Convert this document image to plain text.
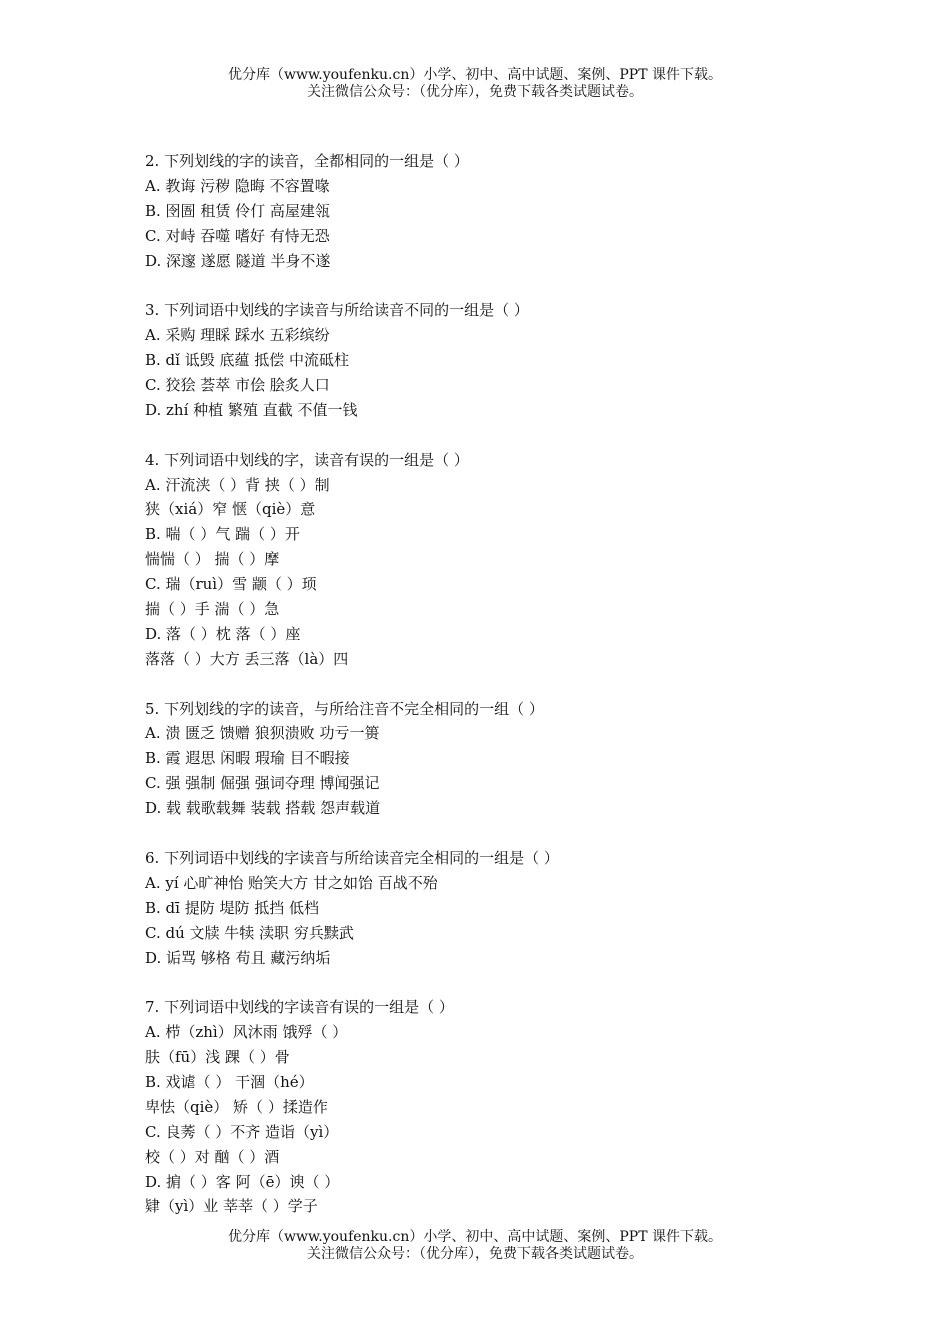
优分库（www.youfenku.cn）小学、初中、高中试题、案例、PPT 课件下载。
关注微信公众号：（优分库），免费下载各类试题试卷。
2. 下列划线的字的读音，全都相同的一组是（ ）
A. 教诲 污秽 隐晦 不容置喙
B. 囹圄 租赁 伶仃 高屋建瓴
C. 对峙 吞噬 嗜好 有恃无恐
D. 深邃 遂愿 隧道 半身不遂
3. 下列词语中划线的字读音与所给读音不同的一组是（ ）
A. 采购 理睬 踩水 五彩缤纷
B. dǐ 诋毁 底蕴 抵偿 中流砥柱
C. 狡狯 荟萃 市侩 脍炙人口
D. zhí 种植 繁殖 直截 不值一钱
4. 下列词语中划线的字，读音有误的一组是（ ）
A. 汗流浃（ ）背 挟（ ）制
狭（xiá）窄 惬（qiè）意
B. 喘（ ）气 踹（ ）开
惴惴（ ） 揣（ ）摩
C. 瑞（ruì）雪 颛（ ）顼
揣（ ）手 湍（ ）急
D. 落（ ）枕 落（ ）座
落落（ ）大方 丢三落（là）四
5. 下列划线的字的读音，与所给注音不完全相同的一组（ ）
A. 溃 匮乏 馈赠 狼狈溃败 功亏一篑
B. 霞 遐思 闲暇 瑕瑜 目不暇接
C. 强 强制 倔强 强词夺理 博闻强记
D. 载 载歌载舞 装载 搭载 怨声载道
6. 下列词语中划线的字读音与所给读音完全相同的一组是（ ）
A. yí 心旷神怡 贻笑大方 甘之如饴 百战不殆
B. dī 提防 堤防 抵挡 低档
C. dú 文牍 牛犊 渎职 穷兵黩武
D. 诟骂 够格 苟且 藏污纳垢
7. 下列词语中划线的字读音有误的一组是（ ）
A. 栉（zhì）风沐雨 饿殍（ ）
肤（fū）浅 踝（ ）骨
B. 戏谑（ ） 干涸（hé）
卑怯（qiè） 矫（ ）揉造作
C. 良莠（ ）不齐 造诣（yì）
校（ ）对 酗（ ）酒
D. 掮（ ）客 阿（ē）谀（ ）
肄（yì）业 莘莘（ ）学子
优分库（www.youfenku.cn）小学、初中、高中试题、案例、PPT 课件下载。
关注微信公众号：（优分库），免费下载各类试题试卷。
